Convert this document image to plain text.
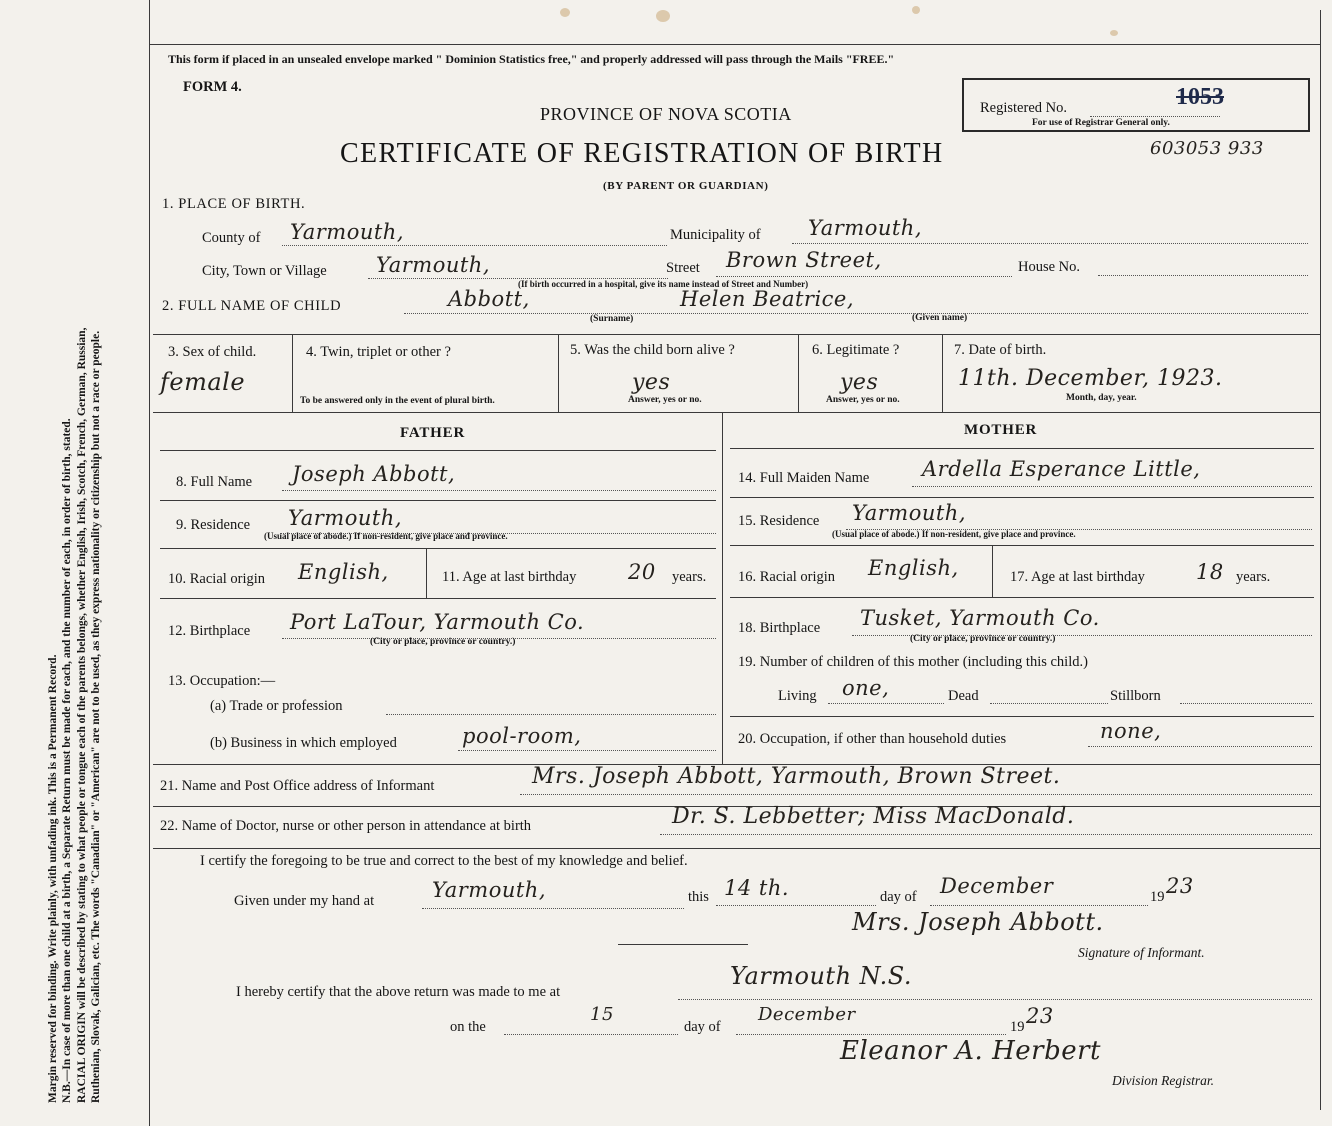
Margin reserved for binding. Write plainly, with unfading ink. This is a Permanent Record. N.B.—In case of more than one child at a birth, a Separate Return must be made for each, and the number of each, in order of birth, stated. RACIAL ORIGIN will be described by stating to what people or tongue each of the parents belongs, whether English, Irish, Scotch, French, German, Russian, Ruthenian, Slovak, Galician, etc. The words "Canadian" or "American" are not to be used, as they express nationality or citizenship but not a race or people.
This form if placed in an unsealed envelope marked " Dominion Statistics free," and properly addressed will pass through the Mails "FREE."
FORM 4.
PROVINCE OF NOVA SCOTIA
CERTIFICATE OF REGISTRATION OF BIRTH
(BY PARENT OR GUARDIAN)
Registered No.	1053
For use of Registrar General only.
603053 933
1. PLACE OF BIRTH.
County of Yarmouth,	Municipality of Yarmouth,
City, Town or Village Yarmouth,	Street Brown Street,
(If birth occurred in a hospital, give its name instead of Street and Number)
House No.
2. FULL NAME OF CHILD	Abbott,	Helen Beatrice,
(Surname)	(Given name)
3. Sex of child.
female
4. Twin, triplet or other ?
To be answered only in the event of plural birth.
5. Was the child born alive ?
yes
Answer, yes or no.
6. Legitimate ?
yes
Answer, yes or no.
7. Date of birth.
11th. December, 1923.
Month, day, year.
FATHER	MOTHER
8. Full Name Joseph Abbott,
9. Residence Yarmouth,
(Usual place of abode.) If non-resident, give place and province.
10. Racial origin English,	11. Age at last birthday 20 years.
12. Birthplace Port LaTour, Yarmouth Co.
(City or place, province or country.)
13. Occupation:—
(a) Trade or profession
(b) Business in which employed	pool-room,
14. Full Maiden Name	Ardella Esperance Little,
15. Residence Yarmouth,
(Usual place of abode.) If non-resident, give place and province.
16. Racial origin English,	17. Age at last birthday 18 years.
18. Birthplace Tusket, Yarmouth Co.
(City or place, province or country.)
19. Number of children of this mother (including this child.)
Living one,	Dead	Stillborn
20. Occupation, if other than household duties	none,
21. Name and Post Office address of Informant	Mrs. Joseph Abbott, Yarmouth, Brown Street.
22. Name of Doctor, nurse or other person in attendance at birth	Dr. S. Lebbetter; Miss MacDonald.
I certify the foregoing to be true and correct to the best of my knowledge and belief.
Given under my hand at	Yarmouth,	this 14 th.	day of December	19 23
Mrs. Joseph Abbott.
Signature of Informant.
I hereby certify that the above return was made to me at
Yarmouth N.S.
on the
15
day of
December
19 23
Eleanor A. Herbert
Division Registrar.
